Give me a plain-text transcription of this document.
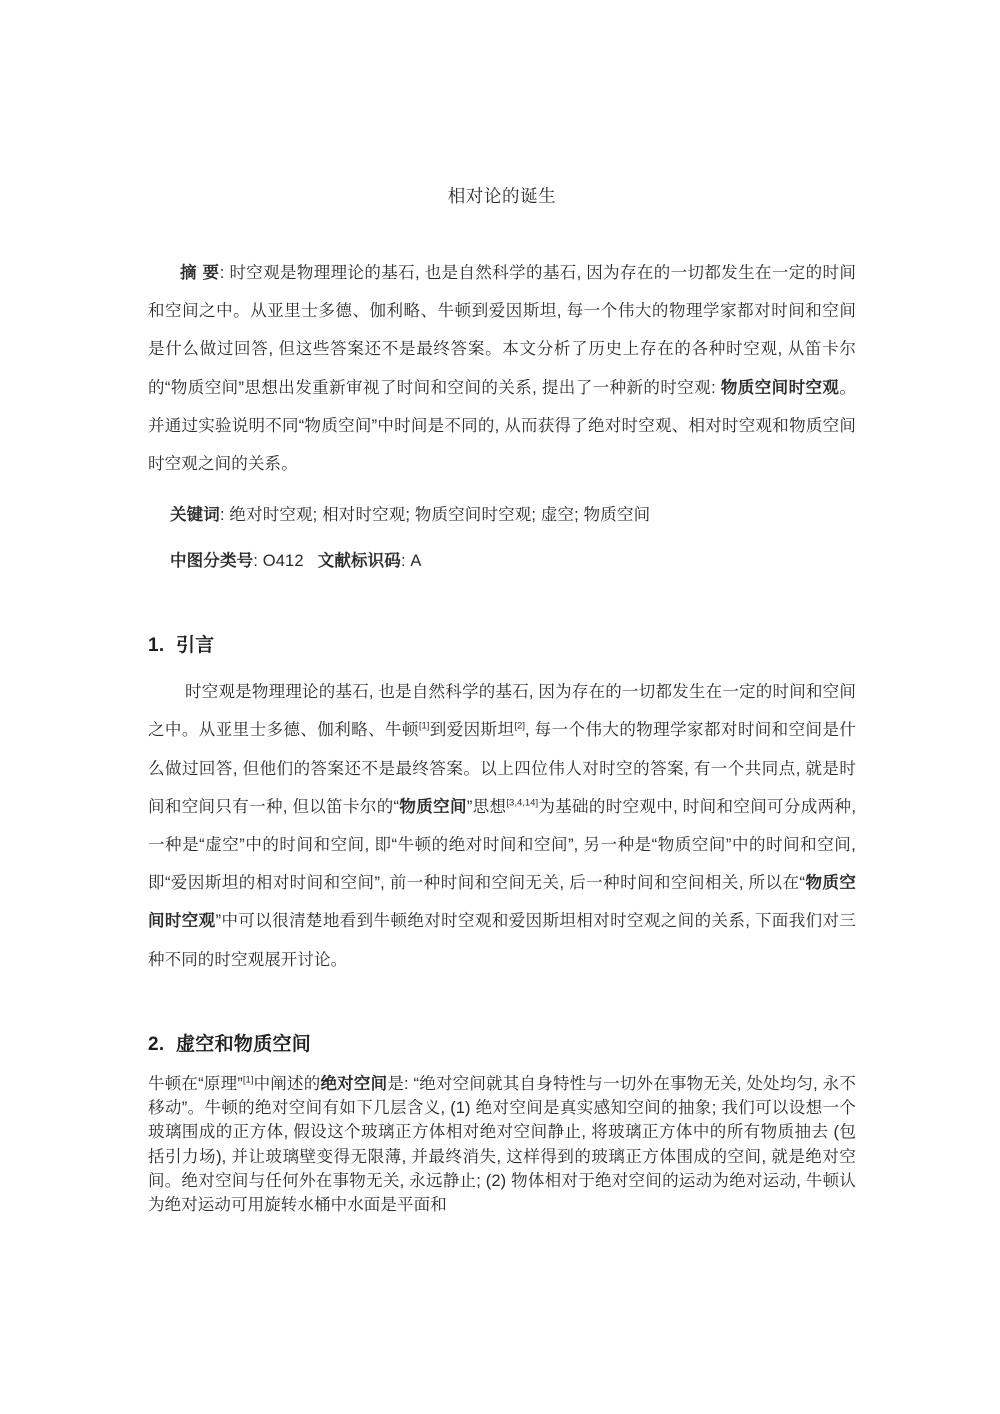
相对论的诞生

摘 要: 时空观是物理理论的基石, 也是自然科学的基石, 因为存在的一切都发生在一定的时间和空间之中。从亚里士多德、伽利略、牛顿到爱因斯坦, 每一个伟大的物理学家都对时间和空间是什么做过回答, 但这些答案还不是最终答案。本文分析了历史上存在的各种时空观, 从笛卡尔的“物质空间”思想出发重新审视了时间和空间的关系, 提出了一种新的时空观: 物质空间时空观。并通过实验说明不同“物质空间”中时间是不同的, 从而获得了绝对时空观、相对时空观和物质空间时空观之间的关系。

关键词: 绝对时空观; 相对时空观; 物质空间时空观; 虚空; 物质空间

中图分类号: O412 文献标识码: A

1. 引言

时空观是物理理论的基石, 也是自然科学的基石, 因为存在的一切都发生在一定的时间和空间之中。从亚里士多德、伽利略、牛顿[1]到爱因斯坦[2], 每一个伟大的物理学家都对时间和空间是什么做过回答, 但他们的答案还不是最终答案。以上四位伟人对时空的答案, 有一个共同点, 就是时间和空间只有一种, 但以笛卡尔的“物质空间”思想[3,4,14]为基础的时空观中, 时间和空间可分成两种, 一种是“虚空”中的时间和空间, 即“牛顿的绝对时间和空间”, 另一种是“物质空间”中的时间和空间, 即“爱因斯坦的相对时间和空间”, 前一种时间和空间无关, 后一种时间和空间相关, 所以在“物质空间时空观”中可以很清楚地看到牛顿绝对时空观和爱因斯坦相对时空观之间的关系, 下面我们对三种不同的时空观展开讨论。

2. 虚空和物质空间

牛顿在“原理”[1]中阐述的绝对空间是: “绝对空间就其自身特性与一切外在事物无关, 处处均匀, 永不移动”。牛顿的绝对空间有如下几层含义, (1) 绝对空间是真实感知空间的抽象; 我们可以设想一个玻璃围成的正方体, 假设这个玻璃正方体相对绝对空间静止, 将玻璃正方体中的所有物质抽去 (包括引力场), 并让玻璃壁变得无限薄, 并最终消失, 这样得到的玻璃正方体围成的空间, 就是绝对空间。绝对空间与任何外在事物无关, 永远静止; (2) 物体相对于绝对空间的运动为绝对运动, 牛顿认为绝对运动可用旋转水桶中水面是平面和
